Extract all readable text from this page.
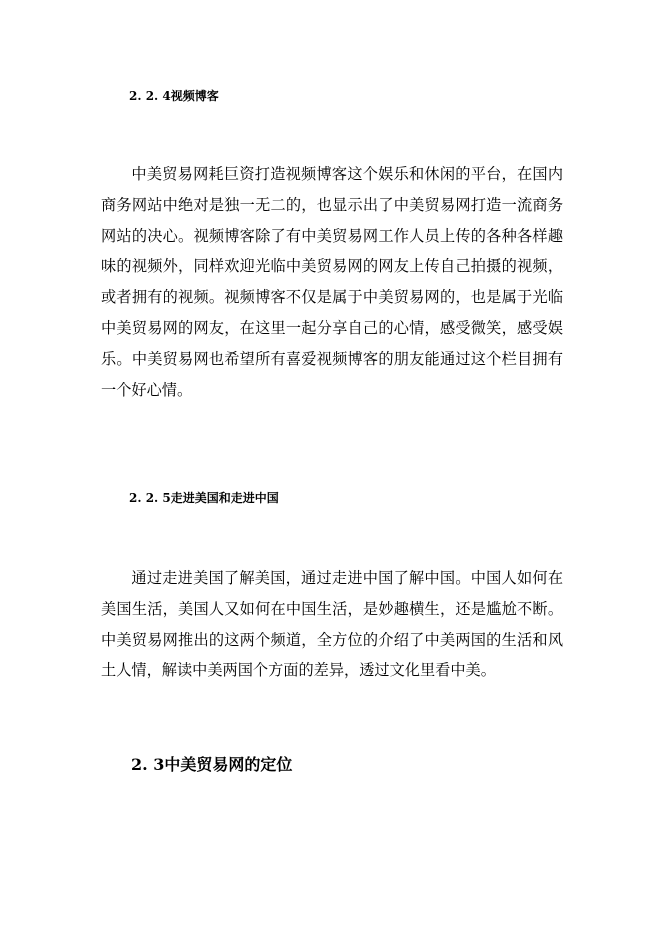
2. 2. 4视频博客

中美贸易网耗巨资打造视频博客这个娱乐和休闲的平台，在国内商务网站中绝对是独一无二的，也显示出了中美贸易网打造一流商务网站的决心。视频博客除了有中美贸易网工作人员上传的各种各样趣味的视频外，同样欢迎光临中美贸易网的网友上传自己拍摄的视频，或者拥有的视频。视频博客不仅是属于中美贸易网的，也是属于光临中美贸易网的网友，在这里一起分享自己的心情，感受微笑，感受娱乐。中美贸易网也希望所有喜爱视频博客的朋友能通过这个栏目拥有一个好心情。

2. 2. 5走进美国和走进中国

通过走进美国了解美国，通过走进中国了解中国。中国人如何在美国生活，美国人又如何在中国生活，是妙趣横生，还是尴尬不断。中美贸易网推出的这两个频道，全方位的介绍了中美两国的生活和风土人情，解读中美两国个方面的差异，透过文化里看中美。

2. 3中美贸易网的定位
